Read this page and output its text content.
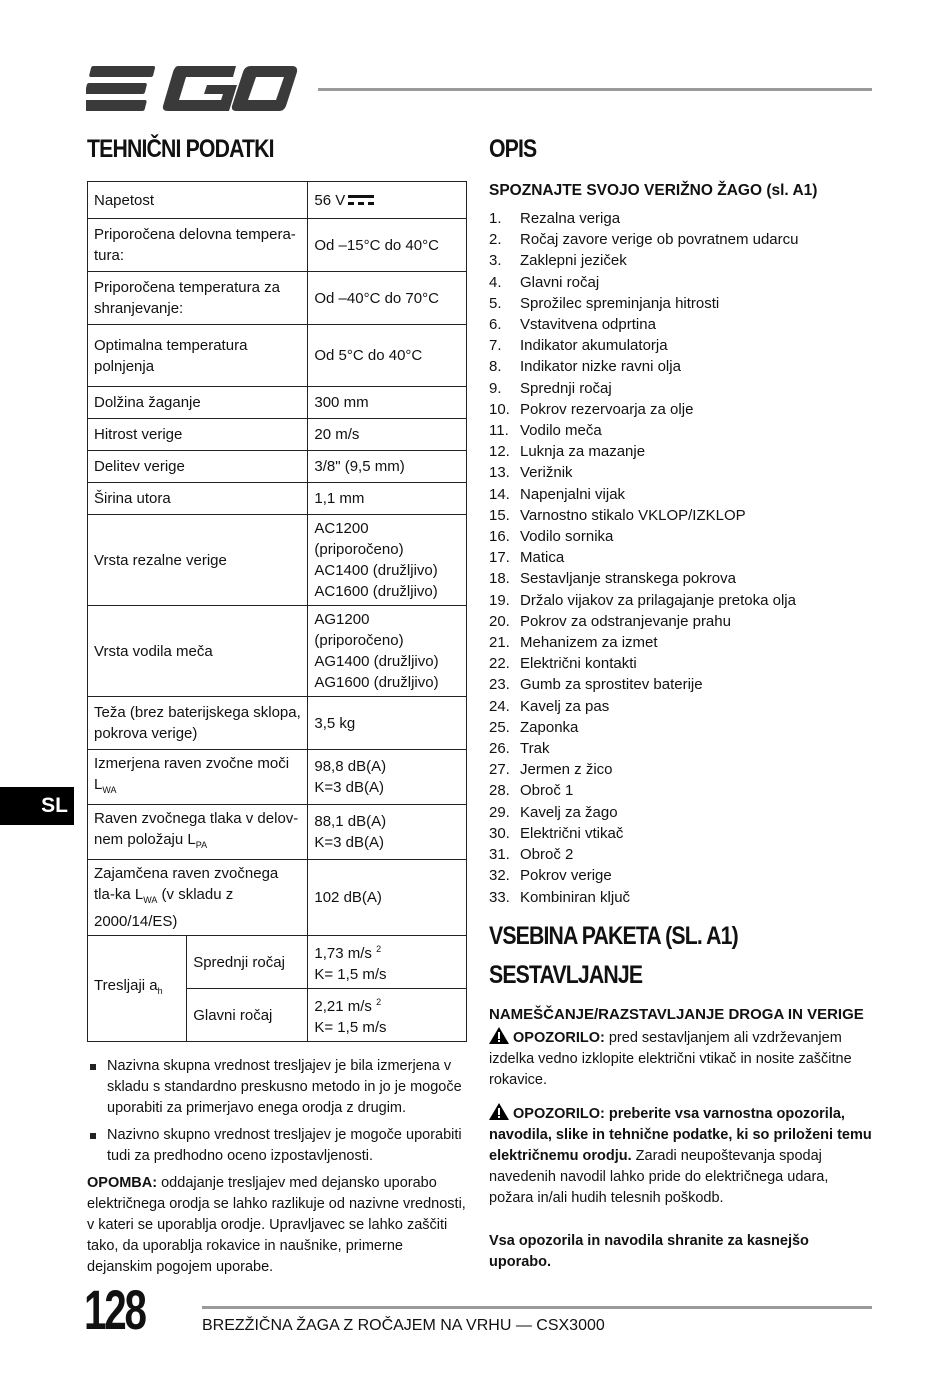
TEHNIČNI PODATKI
Napetost		56 V
Priporočena delovna tempera-tura:		Od –15°C do 40°C
Priporočena temperatura za shranjevanje:		Od –40°C do 70°C
Optimalna temperatura polnjenja		Od 5°C do 40°C
Dolžina žaganje		300 mm
Hitrost verige		20 m/s
Delitev verige		3/8" (9,5 mm)
Širina utora		1,1 mm
Vrsta rezalne verige		AC1200 (priporočeno)
AC1400 (družljivo)
AC1600 (družljivo)

Vrsta vodila meča		AG1200 (priporočeno)
AG1400 (družljivo)
AG1600 (družljivo)

Teža (brez baterijskega sklopa, pokrova verige)		3,5 kg
Izmerjena raven zvočne moči $L_{WA}$		98,8 dB(A)
K=3 dB(A)

Raven zvočnega tlaka v delov-nem položaju $L_{PA}$		88,1 dB(A)
K=3 dB(A)

Zajamčena raven zvočnega tla-ka $L_{WA}$ (v skladu z 2000/14/ES)		102 dB(A)
Tresljaji $a_h$	Sprednji ročaj	1,73 m/s $^2$
K= 1,5 m/s

	Glavni ročaj	2,21 m/s $^2$
K= 1,5 m/s
Nazivna skupna vrednost tresljajev je bila izmerjena v skladu s standardno preskusno metodo in jo je mogoče uporabiti za primerjavo enega orodja z drugim.
Nazivno skupno vrednost tresljajev je mogoče uporabiti tudi za predhodno oceno izpostavljenosti.
OPOMBA: oddajanje tresljajev med dejansko uporabo električnega orodja se lahko razlikuje od nazivne vrednosti, v kateri se uporablja orodje. Upravljavec se lahko zaščiti tako, da uporablja rokavice in naušnike, primerne dejanskim pogojem uporabe.
SL
OPIS
SPOZNAJTE SVOJO VERIŽNO ŽAGO (sl. A1)
1.	Rezalna veriga
2.	Ročaj zavore verige ob povratnem udarcu
3.	Zaklepni jeziček
4.	Glavni ročaj
5.	Sprožilec spreminjanja hitrosti
6.	Vstavitvena odprtina
7.	Indikator akumulatorja
8.	Indikator nizke ravni olja
9.	Sprednji ročaj
10. Pokrov rezervoarja za olje
11. Vodilo meča
12. Luknja za mazanje
13. Verižnik
14. Napenjalni vijak
15. Varnostno stikalo VKLOP/IZKLOP
16. Vodilo sornika
17. Matica
18. Sestavljanje stranskega pokrova
19. Držalo vijakov za prilagajanje pretoka olja
20. Pokrov za odstranjevanje prahu
21. Mehanizem za izmet
22. Električni kontakti
23. Gumb za sprostitev baterije
24. Kavelj za pas
25. Zaponka
26. Trak
27. Jermen z žico
28. Obroč 1
29. Kavelj za žago
30. Električni vtikač
31. Obroč 2
32. Pokrov verige
33. Kombiniran ključ
VSEBINA PAKETA (SL. A1)
SESTAVLJANJE
NAMEŠČANJE/RAZSTAVLJANJE DROGA IN VERIGE
OPOZORILO: pred sestavljanjem ali vzdrževanjem izdelka vedno izklopite električni vtikač in nosite zaščitne rokavice.
OPOZORILO: preberite vsa varnostna opozorila, navodila, slike in tehnične podatke, ki so priloženi temu električnemu orodju. Zaradi neupoštevanja spodaj navedenih navodil lahko pride do električnega udara, požara in/ali hudih telesnih poškodb.
Vsa opozorila in navodila shranite za kasnejšo uporabo.
128	BREZŽIČNA ŽAGA Z ROČAJEM NA VRHU — CSX3000
